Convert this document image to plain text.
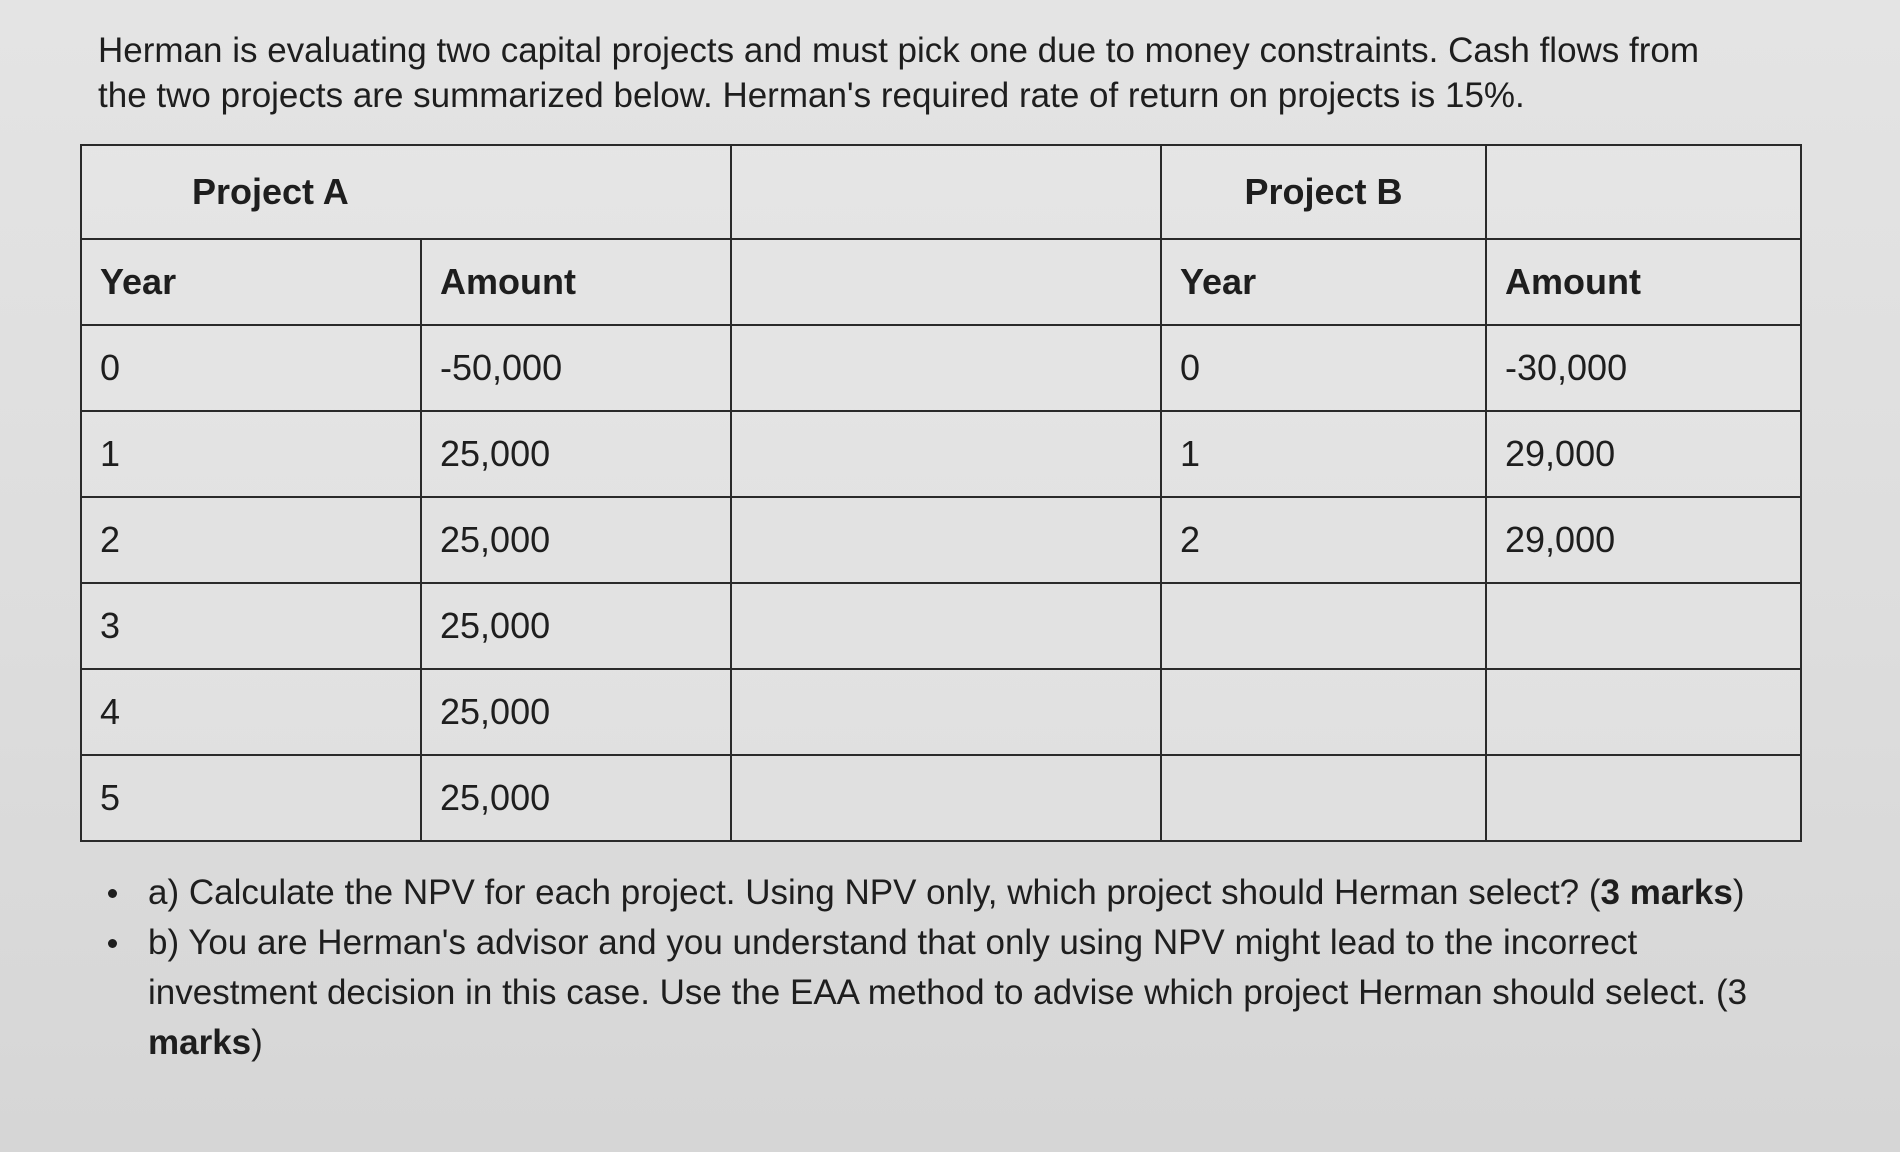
Herman is evaluating two capital projects and must pick one due to money constraints. Cash flows from

the two projects are summarized below. Herman's required rate of return on projects is 15%.

Project A			Project B	
Year	Amount		Year	Amount
0	-50,000		0	-30,000
1	25,000		1	29,000
2	25,000		2	29,000
3	25,000			
4	25,000			
5	25,000			
a) Calculate the NPV for each project. Using NPV only, which project should Herman select? (3 marks)
b) You are Herman's advisor and you understand that only using NPV might lead to the incorrect investment decision in this case. Use the EAA method to advise which project Herman should select. (3 marks)
